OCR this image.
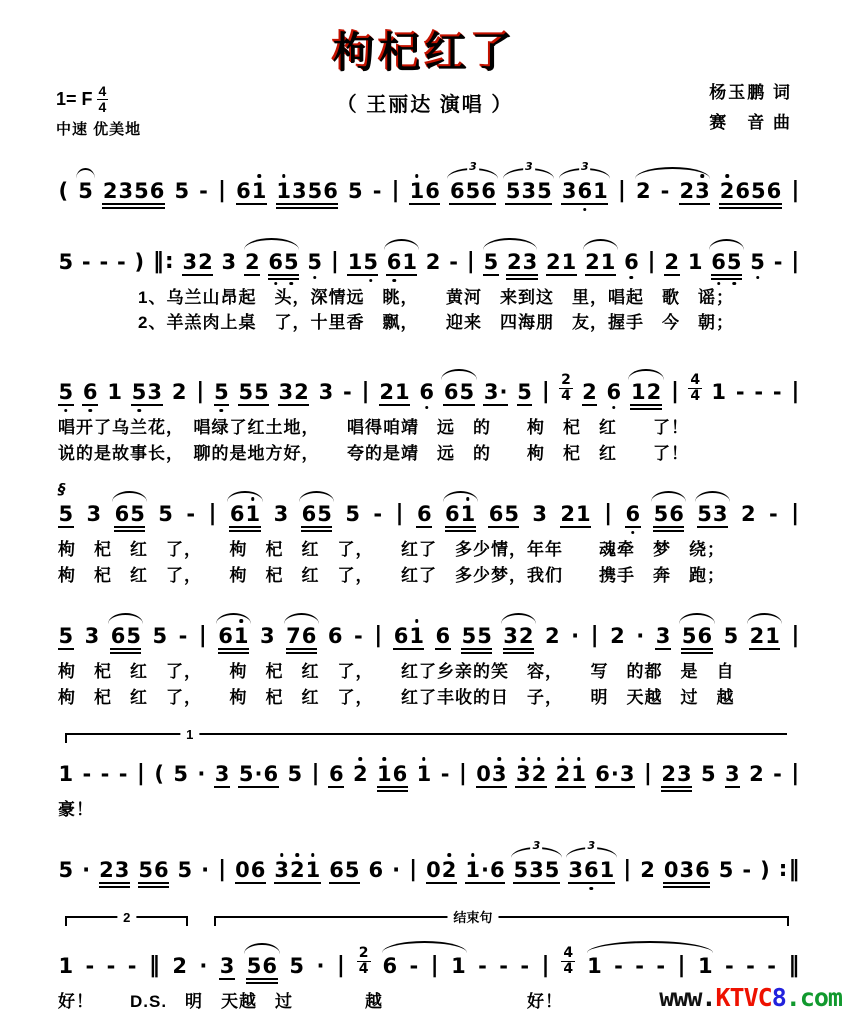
枸杞红了
（ 王丽达 演唱 ）
杨玉鹏 词
赛　音 曲
1= F $\frac{4}{4}$
中速 优美地
( 5 2356 5 - | 61 1
356 5 - | 1
6 656
3
535
3
36
1
3
| 2 - 23 2
656 |
5 - - - ) ‖: 32 3 2 6
5 5 | 15 6
1 2 - | 5 23 21 21 6 | 2 1 6
5 5 - |
1、乌兰山昂起　头，深情远　眺，　　黄河　来到这　里，唱起　歌　谣；
2、羊羔肉上桌　了，十里香　飘，　　迎来　四海朋　友，握手　今　朝；
5 6 1 5
3 2 | 5 55 32 3 - | 21 6 65 3· 5 | $\frac{2}{4} 2$ 6 12 | $\frac{4}{4} 1$ - - - |
唱开了乌兰花，　唱绿了红土地，　　唱得咱靖　远　的　　枸　杞　红　　了！
说的是故事长，　聊的是地方好，　　夸的是靖　远　的　　枸　杞　红　　了！
5
§
3 65 5 - | 61 3 65 5 - | 6 61 65 3 21 | 6 56 53 2 - |
枸　杞　红　了，　　枸　杞　红　了，　　红了　多少情，年年　　魂牵　梦　绕；
枸　杞　红　了，　　枸　杞　红　了，　　红了　多少梦，我们　　携手　奔　跑；
5 3 65 5 - | 61 3 76 6 - | 61 6 55 32 2 · | 2 · 3 56 5 21 |
枸　杞　红　了，　　枸　杞　红　了，　　红了乡亲的笑　容，　　写　的都　是　自
枸　杞　红　了，　　枸　杞　红　了，　　红了丰收的日　子，　　明　天越　过　越
1
1 - - - | ( 5 · 3 5·6 5 | 6 2 1
6 1 - | 03 3
2 2
1 6·3 | 23 5 3 2 - |
豪！
5 · 23 56 5 · | 06 3
2
1 65 6 · | 02 1
·6 535
3
36
1
3
| 2 036 5 - ) :‖
2	结束句
1 - - - ‖ 2 · 3 56 5 · | $\frac{2}{4} 6$ - | 1 - - - | $\frac{4}{4} 1$ - - - | 1 - - - ‖
好！　　D.S.　明　天越　过　　　　越　　　　　　　　好！	www.KTVC8.com
